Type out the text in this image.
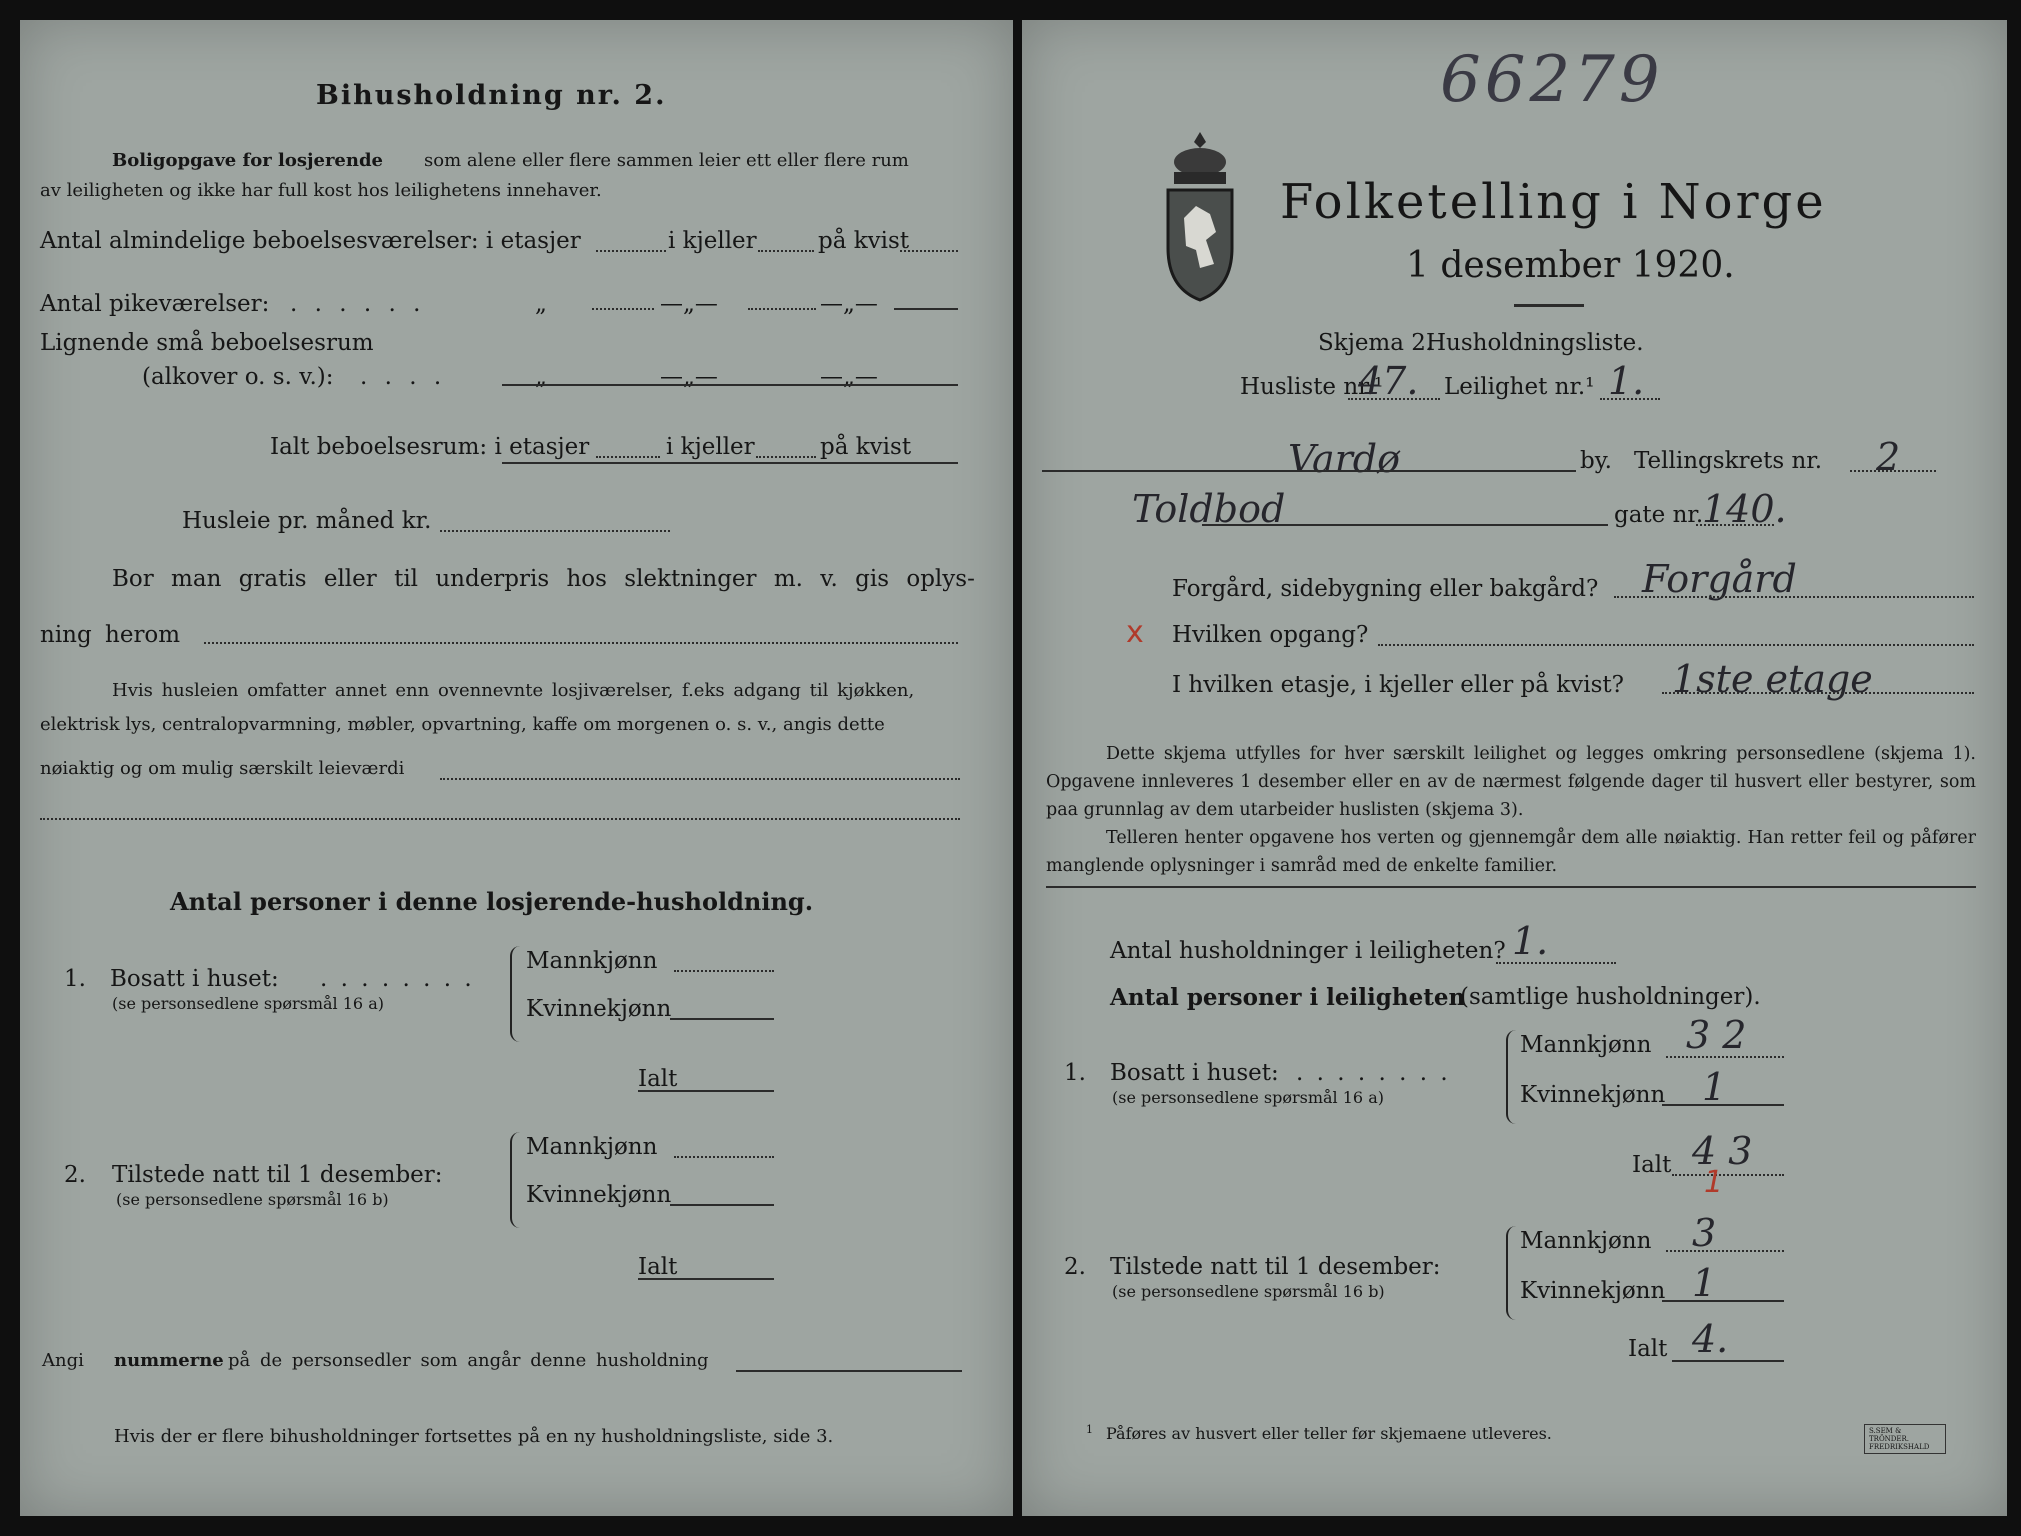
Bihusholdning nr. 2.
Boligopgave for losjerende som alene eller flere sammen leier ett eller flere rum
av leiligheten og ikke har full kost hos leilighetens innehaver.
Antal almindelige beboelsesværelser: i etasjer	i kjeller	på kvist
Antal pikeværelser: . . . . . .	„	—„—	—„—
Lignende små beboelsesrum
(alkover o. s. v.): . . . .	„	—„—	—„—
Ialt beboelsesrum: i etasjer	i kjeller	på kvist
Husleie pr. måned kr.
Bor man gratis eller til underpris hos slektninger m. v. gis oplys-
ning herom
Hvis husleien omfatter annet enn ovennevnte losjiværelser, f.eks adgang til kjøkken,
elektrisk lys, centralopvarmning, møbler, opvartning, kaffe om morgenen o. s. v., angis dette
nøiaktig og om mulig særskilt leieværdi
Antal personer i denne losjerende-husholdning.
1. Bosatt i huset: . . . . . . . .
(se personsedlene spørsmål 16 a)
Mannkjønn
Kvinnekjønn
Ialt
2. Tilstede natt til 1 desember:
(se personsedlene spørsmål 16 b)
Mannkjønn
Kvinnekjønn
Ialt
Angi nummerne på de personsedler som angår denne husholdning
Hvis der er flere bihusholdninger fortsettes på en ny husholdningsliste, side 3.
66279
Folketelling i Norge
1 desember 1920.
Skjema 2.
Husholdningsliste.
Husliste nr.¹
47. Leilighet nr.¹ 1.
Vardø	by. Tellingskrets nr. 2
Toldbod	gate nr.
140.
Forgård, sidebygning eller bakgård? Forgård
x Hvilken opgang?
I hvilken etasje, i kjeller eller på kvist? 1ste etage

Dette skjema utfylles for hver særskilt leilighet og legges omkring personsedlene (skjema 1). Opgavene innleveres 1 desember eller en av de nærmest følgende dager til husvert eller bestyrer, som paa grunnlag av dem utarbeider huslisten (skjema 3).

Telleren henter opgavene hos verten og gjennemgår dem alle nøiaktig. Han retter feil og påfører manglende oplysninger i samråd med de enkelte familier.

Antal husholdninger i leiligheten? 1.
Antal personer i leiligheten
(samtlige husholdninger).
1. Bosatt i huset: . . . . . . . .
(se personsedlene spørsmål 16 a)
Mannkjønn 3 2
Kvinnekjønn 1
Ialt 4 3
1
2. Tilstede natt til 1 desember:
(se personsedlene spørsmål 16 b)
Mannkjønn 3
Kvinnekjønn 1
Ialt 4.
1 Påføres av husvert eller teller før skjemaene utleveres.	S.SEM & TRÖNDER. FREDRIKSHALD
